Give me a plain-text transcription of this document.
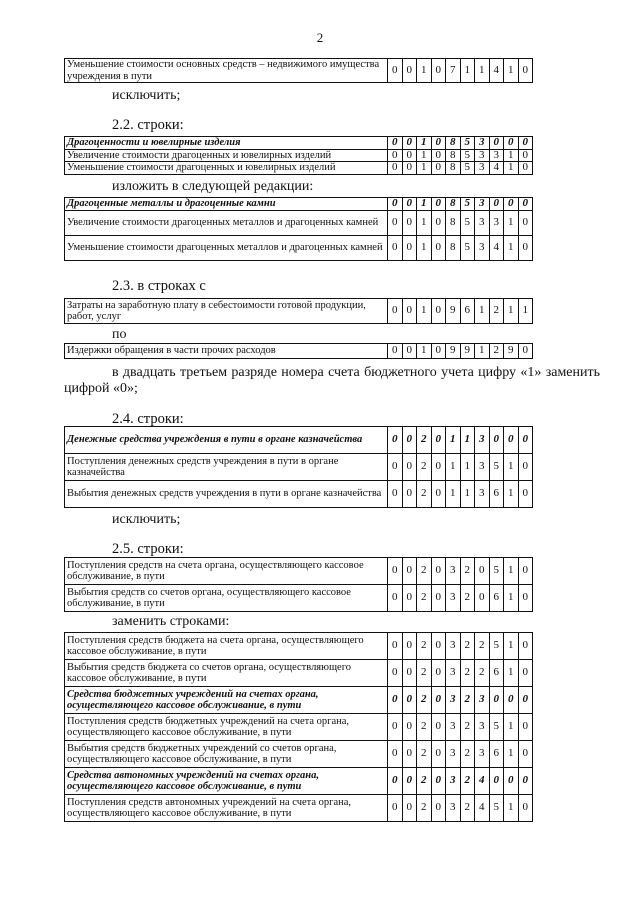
2
Уменьшение стоимости основных средств – недвижимого имущества учреждения в пути	0	0	1	0	7	1	1	4	1	0
исключить;
2.2. строки:
Драгоценности и ювелирные изделия	0	0	1	0	8	5	3	0	0	0
Увеличение стоимости драгоценных и ювелирных изделий	0	0	1	0	8	5	3	3	1	0
Уменьшение стоимости драгоценных и ювелирных изделий	0	0	1	0	8	5	3	4	1	0
изложить в следующей редакции:
Драгоценные металлы и драгоценные камни	0	0	1	0	8	5	3	0	0	0
Увеличение стоимости драгоценных металлов и драгоценных камней	0	0	1	0	8	5	3	3	1	0
Уменьшение стоимости драгоценных металлов и драгоценных камней	0	0	1	0	8	5	3	4	1	0
2.3. в строках с
Затраты на заработную плату в себестоимости готовой продукции, работ, услуг	0	0	1	0	9	6	1	2	1	1
по
Издержки обращения в части прочих расходов	0	0	1	0	9	9	1	2	9	0
в двадцать третьем разряде номера счета бюджетного учета цифру «1» заменить цифрой «0»;
2.4. строки:
Денежные средства учреждения в пути в органе казначейства	0	0	2	0	1	1	3	0	0	0
Поступления денежных средств учреждения в пути в органе казначейства	0	0	2	0	1	1	3	5	1	0
Выбытия денежных средств учреждения в пути в органе казначейства	0	0	2	0	1	1	3	6	1	0
исключить;
2.5. строки:
Поступления средств на счета органа, осуществляющего кассовое обслуживание, в пути	0	0	2	0	3	2	0	5	1	0
Выбытия средств со счетов органа, осуществляющего кассовое обслуживание, в пути	0	0	2	0	3	2	0	6	1	0
заменить строками:
Поступления средств бюджета на счета органа, осуществляющего кассовое обслуживание, в пути	0	0	2	0	3	2	2	5	1	0
Выбытия средств бюджета со счетов органа, осуществляющего кассовое обслуживание, в пути	0	0	2	0	3	2	2	6	1	0
Средства бюджетных учреждений на счетах органа, осуществляющего кассовое обслуживание, в пути	0	0	2	0	3	2	3	0	0	0
Поступления средств бюджетных учреждений на счета органа, осуществляющего кассовое обслуживание, в пути	0	0	2	0	3	2	3	5	1	0
Выбытия средств бюджетных учреждений со счетов органа, осуществляющего кассовое обслуживание, в пути	0	0	2	0	3	2	3	6	1	0
Средства автономных учреждений на счетах органа, осуществляющего кассовое обслуживание, в пути	0	0	2	0	3	2	4	0	0	0
Поступления средств автономных учреждений на счета органа, осуществляющего кассовое обслуживание, в пути	0	0	2	0	3	2	4	5	1	0
